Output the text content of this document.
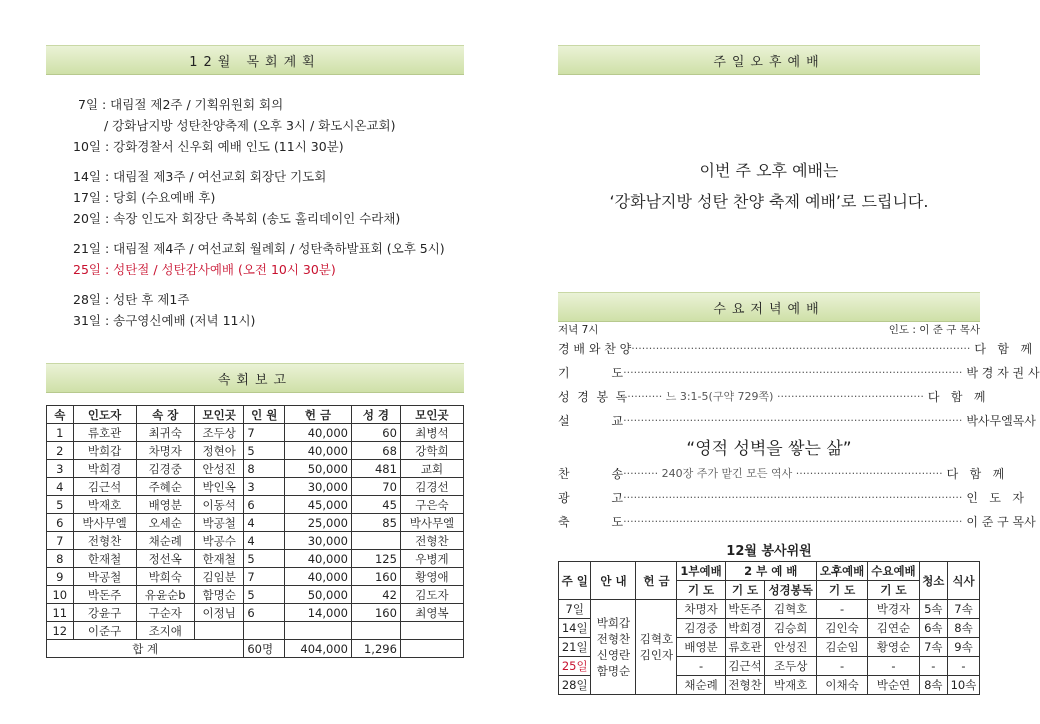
12월 목회계획
7일 : 대림절 제2주 / 기획위원회 회의
/ 강화남지방 성탄찬양축제 (오후 3시 / 화도시온교회)
10일 : 강화경찰서 신우회 예배 인도 (11시 30분)
14일 : 대림절 제3주 / 여선교회 회장단 기도회
17일 : 당회 (수요예배 후)
20일 : 속장 인도자 회장단 축복회 (송도 홀리데이인 수라채)
21일 : 대림절 제4주 / 여선교회 월례회 / 성탄축하발표회 (오후 5시)
25일 : 성탄절 / 성탄감사예배 (오전 10시 30분)
28일 : 성탄 후 제1주
31일 : 송구영신예배 (저녁 11시)
속회보고
속	인도자	속 장	모인곳	인 원	헌 금	성 경	모인곳
1	류호관	최귀숙	조두상	7	40,000	60	최병석
2	박희갑	차명자	정현아	5	40,000	68	강학희
3	박희경	김경중	안성진	8	50,000	481	교회
4	김근석	주혜순	박인옥	3	30,000	70	김경선
5	박재호	배영분	이동석	6	45,000	45	구은숙
6	박사무엘	오세순	박공철	4	25,000	85	박사무엘
7	전형찬	채순례	박공수	4	30,000		전형찬
8	한재철	정선옥	한재철	5	40,000	125	우병게
9	박공철	박희숙	김임분	7	40,000	160	황영애
10	박돈주	유윤순b	함명순	5	50,000	42	김도자
11	강윤구	구순자	이정님	6	14,000	160	최영복
12	이준구	조지애					
합 계				60명	404,000	1,296	
주일오후예배
이번 주 오후 예배는
‘강화남지방 성탄 찬양 축제 예배’로 드립니다.
수요저녁예배
저녁 7시	인도 : 이 준 구 목사
경 배 와 찬 양 ································································································· 다   함   께
기           도 ································································································· 박 경 자 권 사
성  경  봉  독 ·········· 느 3:1-5(구약 729쪽) ·········································· 다   함   께
설           교 ································································································· 박사무엘목사
“영적 성벽을 쌓는 삶”
찬           송 ·········· 240장 주가 맡긴 모든 역사 ·········································· 다   함   께
광           고 ································································································· 인   도   자
축           도 ································································································· 이 준 구 목사
12월 봉사위원
주 일	안 내	헌 금	1부예배	2 부 예 배		오후예배	수요예배	청소	식사
			기 도	기 도	성경봉독	기 도	기 도		
7일	박희갑 전형찬 신영란 함명순	김혁호 김인자	차명자	박돈주	김혁호	-	박경자	5속	7속
14일			김경중	박희경	김승희	김인숙	김연순	6속	8속
21일			배영분	류호관	안성진	김순임	황영순	7속	9속
25일			-	김근석	조두상	-	-	-	-
28일			채순례	전형찬	박재호	이채숙	박순연	8속	10속
